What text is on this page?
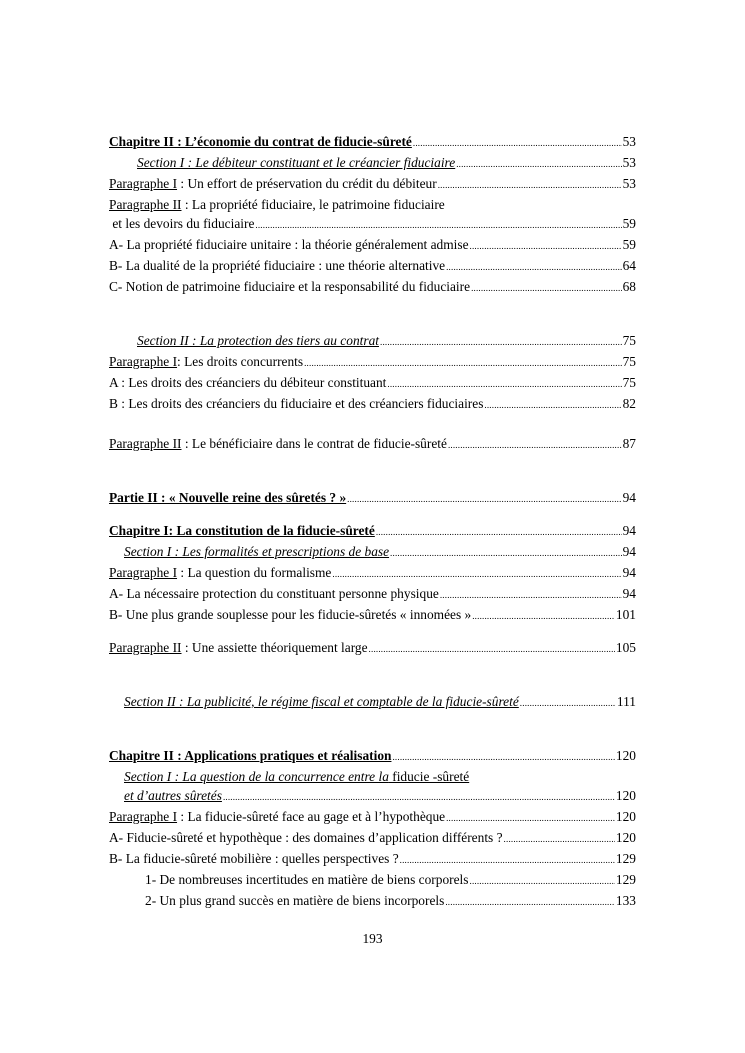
Chapitre II : L’économie du contrat de fiducie-sûreté .....	53
Section I : Le débiteur constituant et le créancier fiduciaire .....	53
Paragraphe I : Un effort de préservation du crédit du débiteur .....	53
Paragraphe II : La propriété fiduciaire, le patrimoine fiduciaire
et les devoirs du fiduciaire .....	59
A- La propriété fiduciaire unitaire : la théorie généralement admise .....	59
B- La dualité de la propriété fiduciaire : une théorie alternative .....	64
C- Notion de patrimoine fiduciaire et la responsabilité du fiduciaire .....	68
Section II : La protection des tiers au contrat .....	75
Paragraphe I: Les droits concurrents .....	75
A : Les droits des créanciers du débiteur constituant .....	75
B : Les droits des créanciers du fiduciaire et des créanciers fiduciaires .....	82
Paragraphe II : Le bénéficiaire dans le contrat de fiducie-sûreté .....	87
Partie II : « Nouvelle reine des sûretés ? » .....	94
Chapitre I: La constitution de la fiducie-sûreté .....	94
Section I : Les formalités et prescriptions de base .....	94
Paragraphe I : La question du formalisme .....	94
A- La nécessaire protection du constituant personne physique .....	94
B- Une plus grande souplesse pour les fiducie-sûretés « innomées » .....	101
Paragraphe II : Une assiette théoriquement large .....	105
Section II : La publicité, le régime fiscal et comptable de la fiducie-sûreté .....	111
Chapitre II : Applications pratiques et réalisation .....	120
Section I : La question de la concurrence entre la fiducie -sûreté
et d’autres sûretés .....	120
Paragraphe I : La fiducie-sûreté face au gage et à l’hypothèque .....	120
A- Fiducie-sûreté et hypothèque : des domaines d’application différents ? .....	120
B- La fiducie-sûreté mobilière : quelles perspectives ? .....	129
1- De nombreuses incertitudes en matière de biens corporels .....	129
2- Un plus grand succès en matière de biens incorporels .....	133
193
